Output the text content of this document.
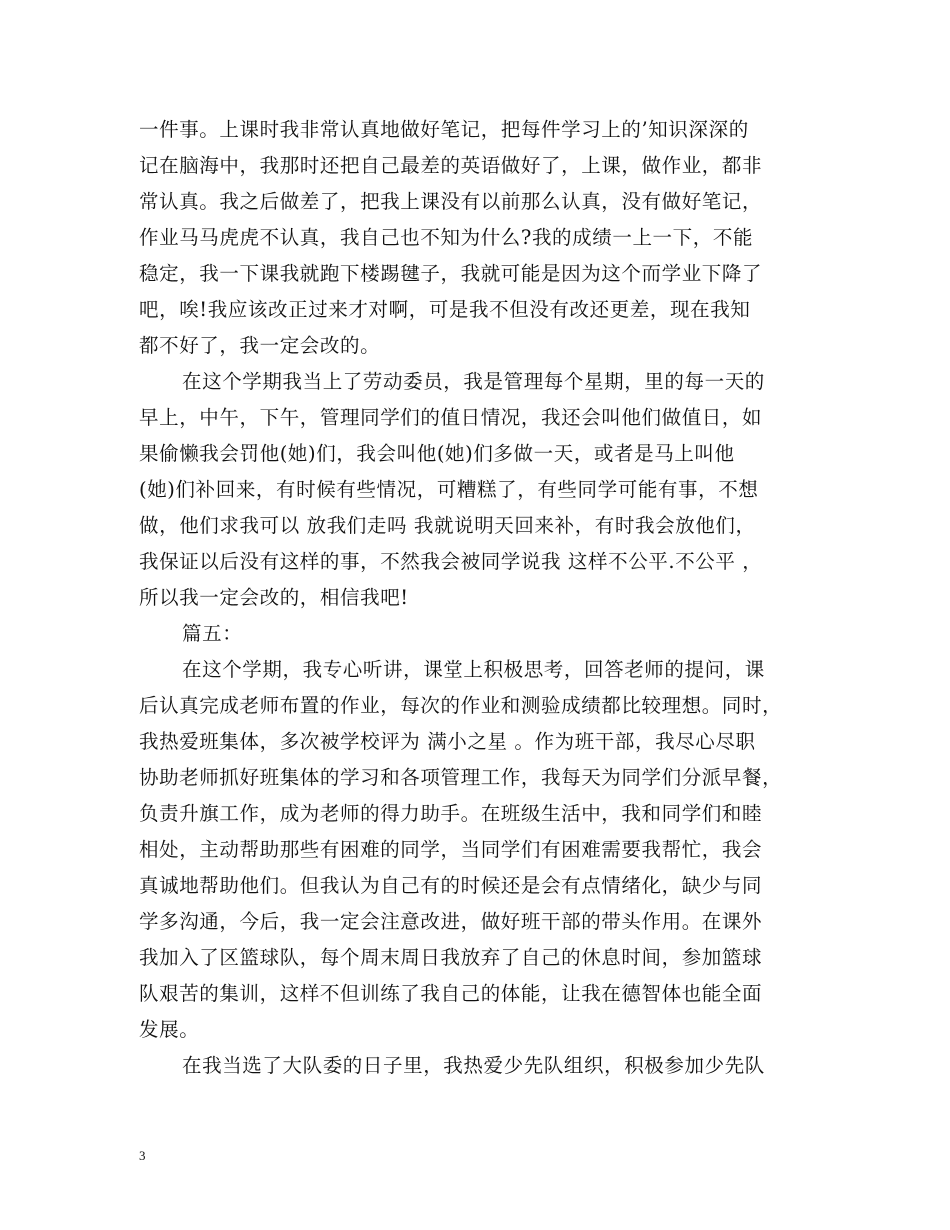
一件事。上课时我非常认真地做好笔记，把每件学习上的’知识深深的
记在脑海中，我那时还把自己最差的英语做好了，上课，做作业，都非
常认真。我之后做差了，把我上课没有以前那么认真，没有做好笔记，
作业马马虎虎不认真，我自己也不知为什么?我的成绩一上一下，不能
稳定，我一下课我就跑下楼踢毽子，我就可能是因为这个而学业下降了
吧，唉!我应该改正过来才对啊，可是我不但没有改还更差，现在我知
都不好了，我一定会改的。
在这个学期我当上了劳动委员，我是管理每个星期，里的每一天的
早上，中午，下午，管理同学们的值日情况，我还会叫他们做值日，如
果偷懒我会罚他(她)们，我会叫他(她)们多做一天，或者是马上叫他
(她)们补回来，有时候有些情况，可糟糕了，有些同学可能有事，不想
做，他们求我可以 放我们走吗 我就说明天回来补，有时我会放他们，
我保证以后没有这样的事，不然我会被同学说我 这样不公平.不公平 ，
所以我一定会改的，相信我吧!
篇五：
在这个学期，我专心听讲，课堂上积极思考，回答老师的提问，课
后认真完成老师布置的作业，每次的作业和测验成绩都比较理想。同时，
我热爱班集体，多次被学校评为 满小之星 。作为班干部，我尽心尽职
协助老师抓好班集体的学习和各项管理工作，我每天为同学们分派早餐，
负责升旗工作，成为老师的得力助手。在班级生活中，我和同学们和睦
相处，主动帮助那些有困难的同学，当同学们有困难需要我帮忙，我会
真诚地帮助他们。但我认为自己有的时候还是会有点情绪化，缺少与同
学多沟通，今后，我一定会注意改进，做好班干部的带头作用。在课外
我加入了区篮球队，每个周末周日我放弃了自己的休息时间，参加篮球
队艰苦的集训，这样不但训练了我自己的体能，让我在德智体也能全面
发展。
在我当选了大队委的日子里，我热爱少先队组织，积极参加少先队
3
